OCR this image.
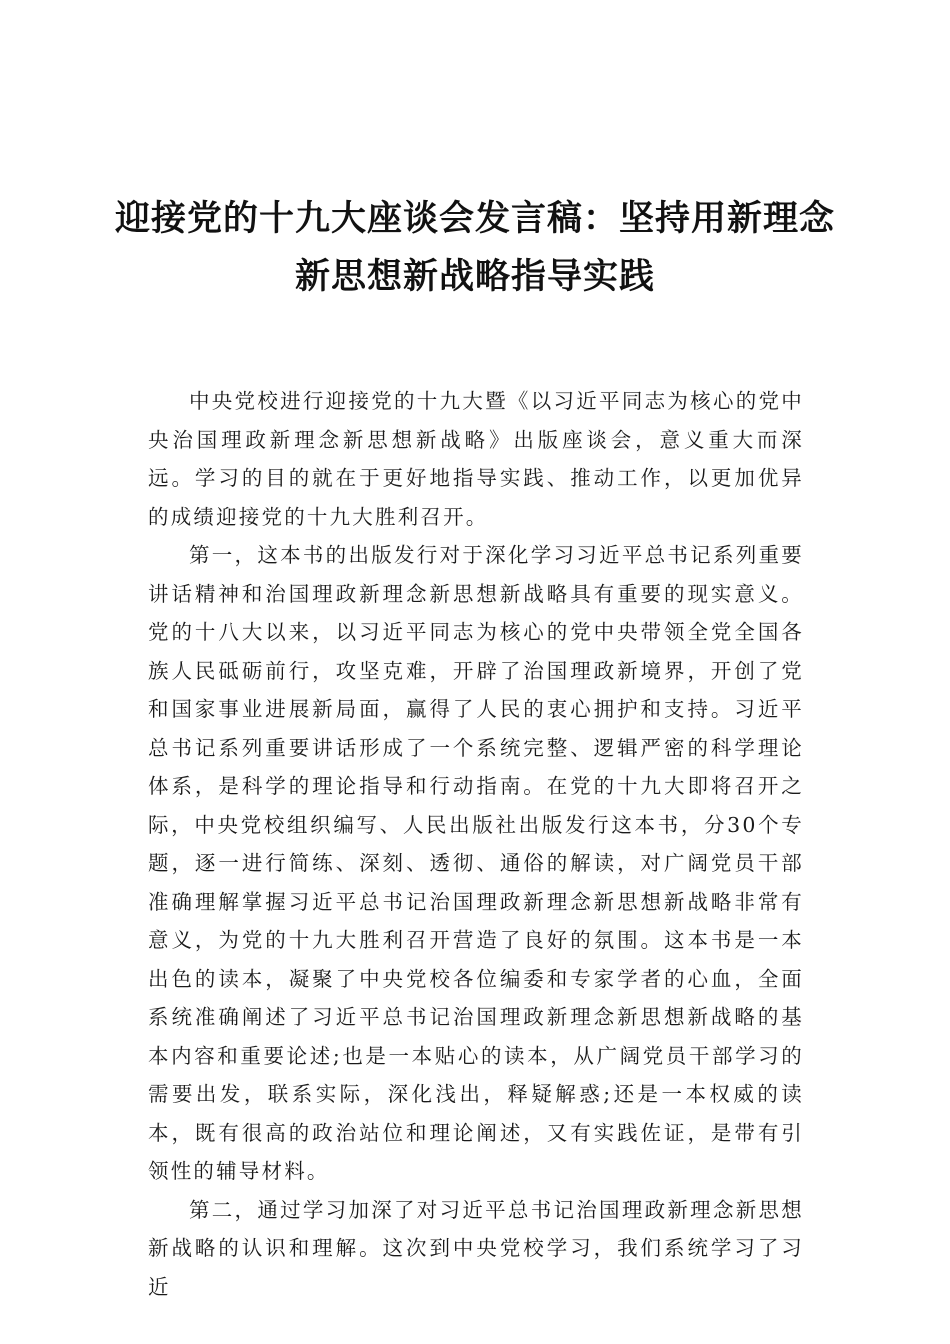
迎接党的十九大座谈会发言稿：坚持用新理念新思想新战略指导实践

中央党校进行迎接党的十九大暨《以习近平同志为核心的党中央治国理政新理念新思想新战略》出版座谈会，意义重大而深远。学习的目的就在于更好地指导实践、推动工作，以更加优异的成绩迎接党的十九大胜利召开。

第一，这本书的出版发行对于深化学习习近平总书记系列重要讲话精神和治国理政新理念新思想新战略具有重要的现实意义。党的十八大以来，以习近平同志为核心的党中央带领全党全国各族人民砥砺前行，攻坚克难，开辟了治国理政新境界，开创了党和国家事业进展新局面，赢得了人民的衷心拥护和支持。习近平总书记系列重要讲话形成了一个系统完整、逻辑严密的科学理论体系，是科学的理论指导和行动指南。在党的十九大即将召开之际，中央党校组织编写、人民出版社出版发行这本书，分30个专题，逐一进行简练、深刻、透彻、通俗的解读，对广阔党员干部准确理解掌握习近平总书记治国理政新理念新思想新战略非常有意义，为党的十九大胜利召开营造了良好的氛围。这本书是一本出色的读本，凝聚了中央党校各位编委和专家学者的心血，全面系统准确阐述了习近平总书记治国理政新理念新思想新战略的基本内容和重要论述;也是一本贴心的读本，从广阔党员干部学习的需要出发，联系实际，深化浅出，释疑解惑;还是一本权威的读本，既有很高的政治站位和理论阐述，又有实践佐证，是带有引领性的辅导材料。

第二，通过学习加深了对习近平总书记治国理政新理念新思想新战略的认识和理解。这次到中央党校学习，我们系统学习了习近
